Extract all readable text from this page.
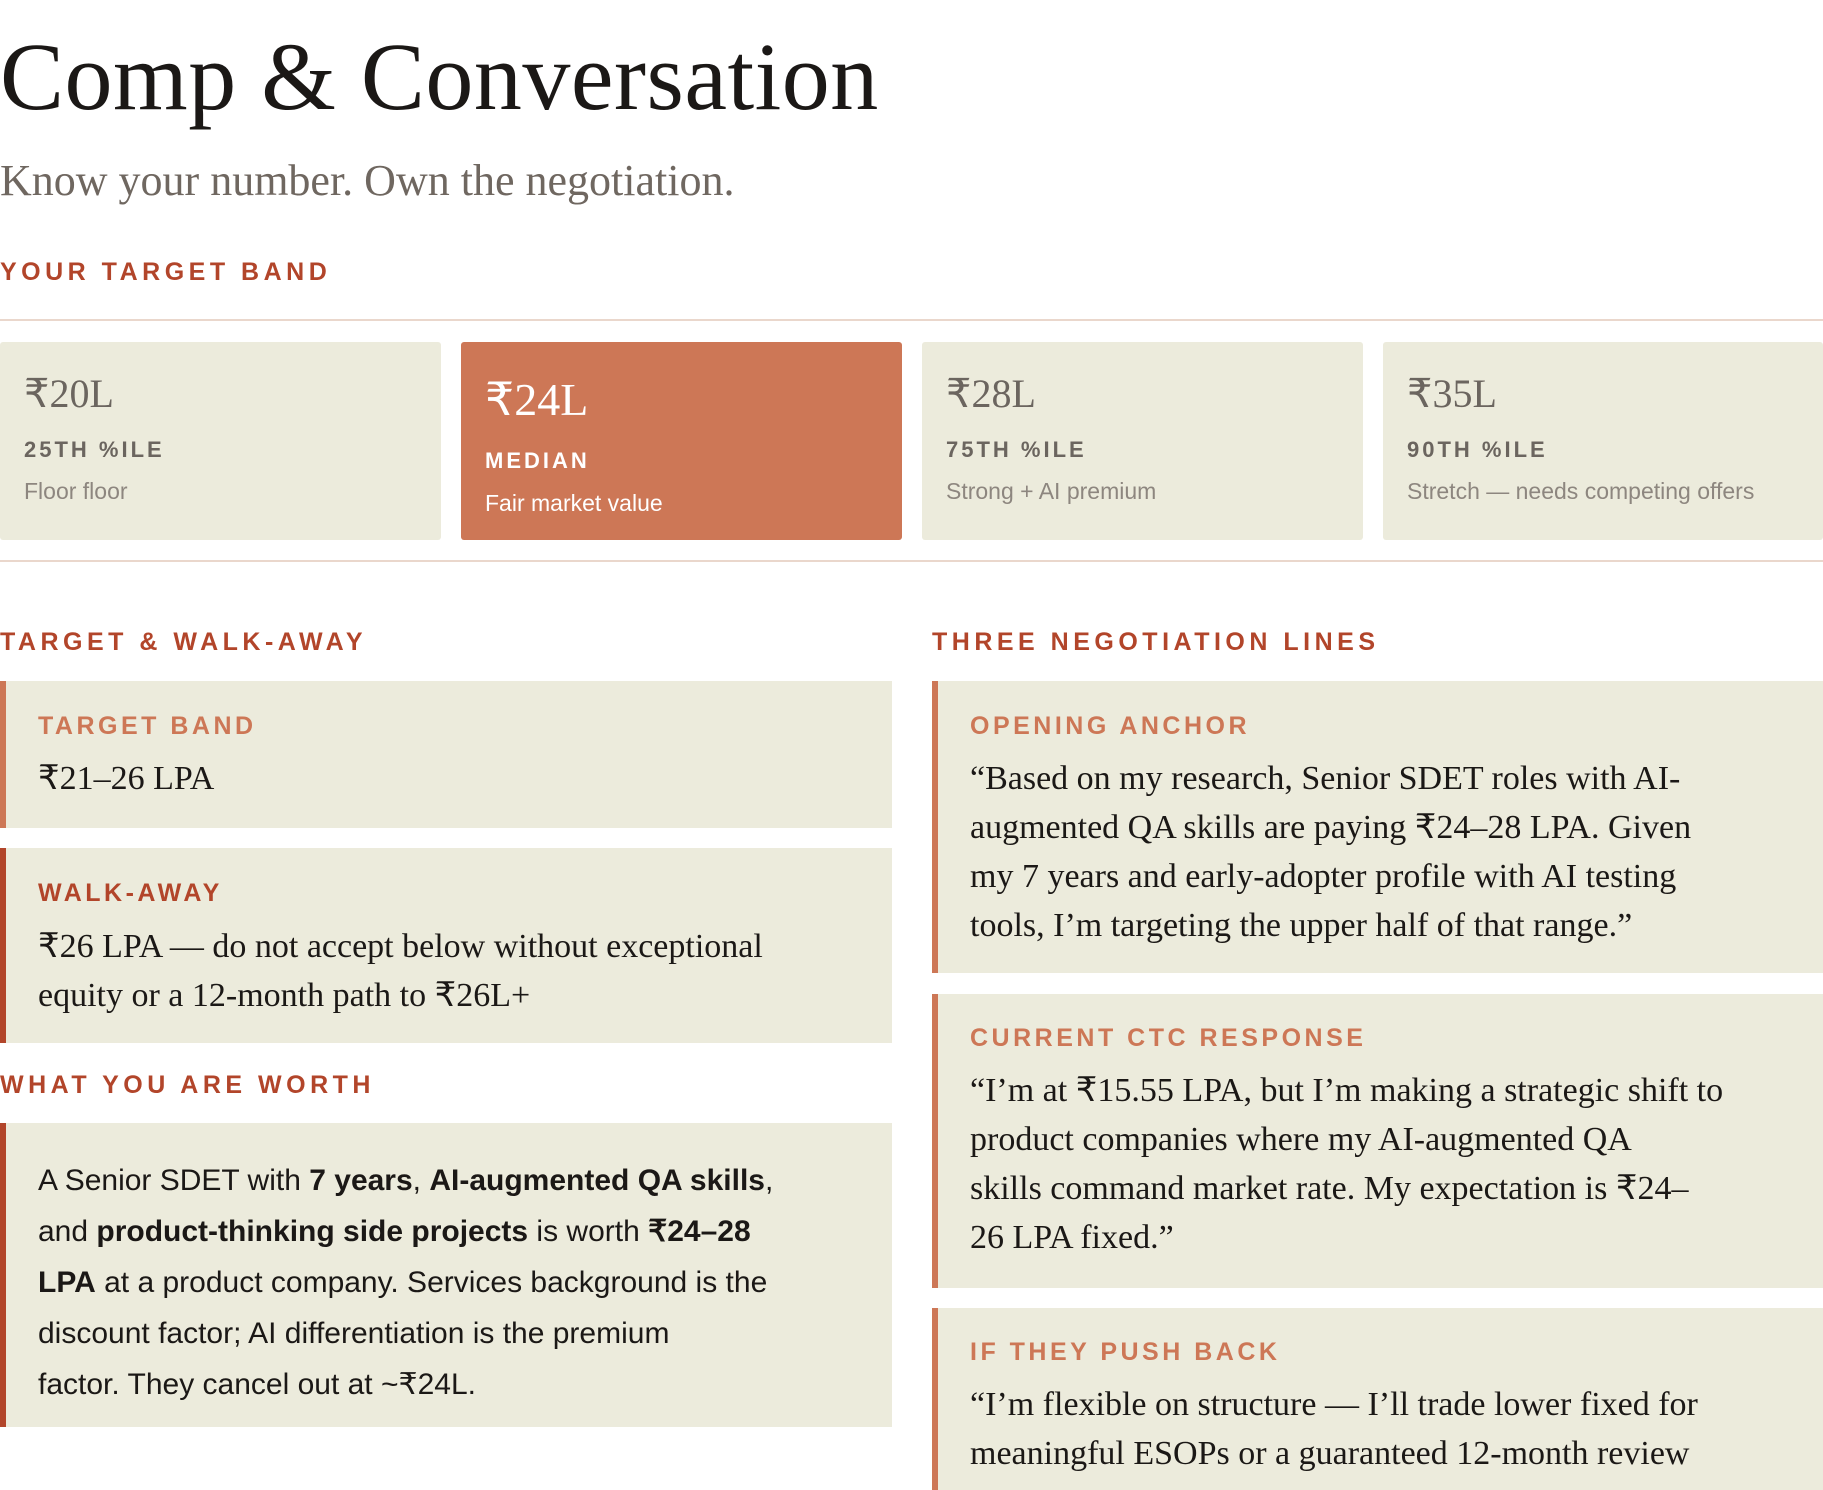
Comp & Conversation
Know your number. Own the negotiation.
YOUR TARGET BAND
₹20L
25TH %ILE
Floor floor
₹24L
MEDIAN
Fair market value
₹28L
75TH %ILE
Strong + AI premium
₹35L
90TH %ILE
Stretch — needs competing offers
TARGET & WALK-AWAY
TARGET BAND
₹21–26 LPA
WALK-AWAY
₹26 LPA — do not accept below without exceptional
equity or a 12-month path to ₹26L+
WHAT YOU ARE WORTH
A Senior SDET with 7 years, AI-augmented QA skills,
and product-thinking side projects is worth ₹24–28
LPA at a product company. Services background is the
discount factor; AI differentiation is the premium
factor. They cancel out at ~₹24L.
THREE NEGOTIATION LINES
OPENING ANCHOR
“Based on my research, Senior SDET roles with AI-
augmented QA skills are paying ₹24–28 LPA. Given
my 7 years and early-adopter profile with AI testing
tools, I’m targeting the upper half of that range.”
CURRENT CTC RESPONSE
“I’m at ₹15.55 LPA, but I’m making a strategic shift to
product companies where my AI-augmented QA
skills command market rate. My expectation is ₹24–
26 LPA fixed.”
IF THEY PUSH BACK
“I’m flexible on structure — I’ll trade lower fixed for
meaningful ESOPs or a guaranteed 12-month review
